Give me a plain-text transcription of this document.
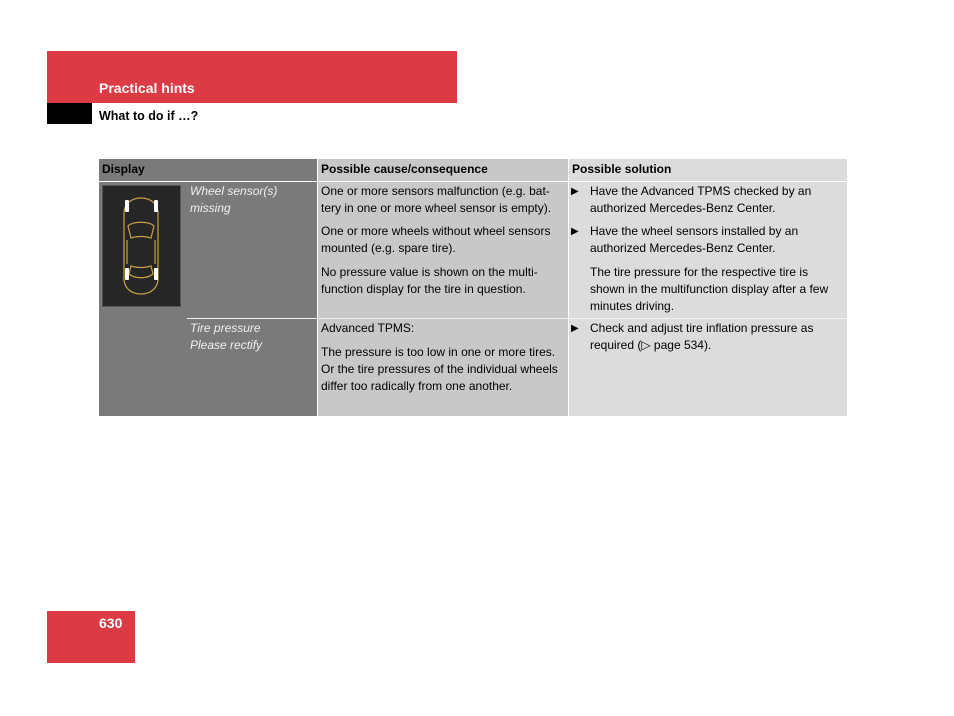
Practical hints
What to do if …?
Display	Possible cause/consequence	Possible solution
Wheel sensor(s)
missing
Tire pressure
Please rectify
One or more sensors malfunction (e.g. bat-tery in one or more wheel sensor is empty).
One or more wheels without wheel sensors mounted (e.g. spare tire).
No pressure value is shown on the multi-function display for the tire in question.
Advanced TPMS:
The pressure is too low in one or more tires. Or the tire pressures of the individual wheels differ too radically from one another.
▶ Have the Advanced TPMS checked by an authorized Mercedes-Benz Center.
▶ Have the wheel sensors installed by an authorized Mercedes-Benz Center.
The tire pressure for the respective tire is shown in the multifunction display after a few minutes driving.
▶ Check and adjust tire inflation pressure as required (▷ page 534).
630
